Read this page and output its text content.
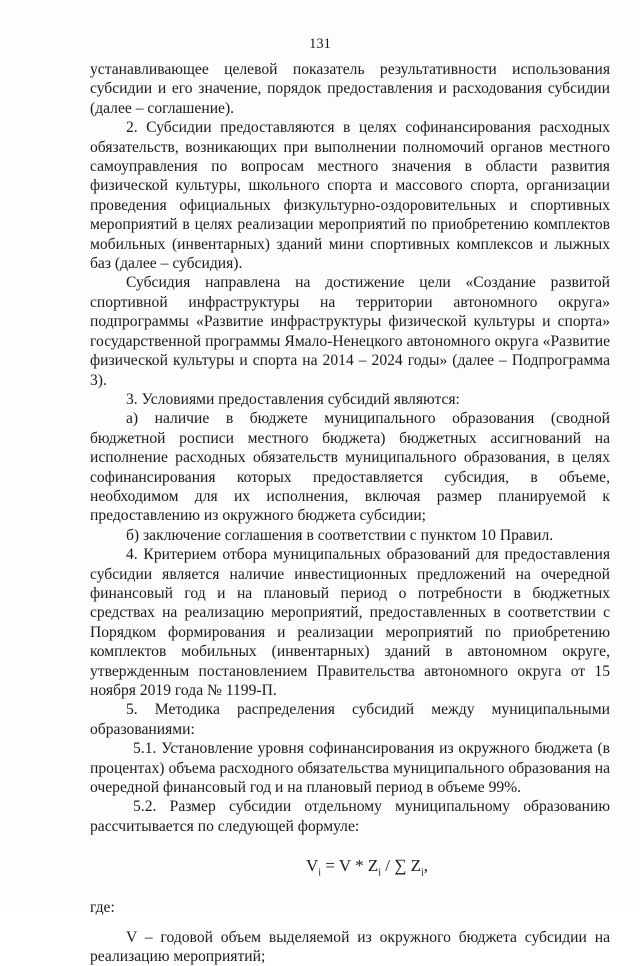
131

устанавливающее целевой показатель результативности использования субсидии и его значение, порядок предоставления и расходования субсидии (далее – соглашение).

2. Субсидии предоставляются в целях софинансирования расходных обязательств, возникающих при выполнении полномочий органов местного самоуправления по вопросам местного значения в области развития физической культуры, школьного спорта и массового спорта, организации проведения официальных физкультурно-оздоровительных и спортивных мероприятий в целях реализации мероприятий по приобретению комплектов мобильных (инвентарных) зданий мини спортивных комплексов и лыжных баз (далее – субсидия).

Субсидия направлена на достижение цели «Создание развитой спортивной инфраструктуры на территории автономного округа» подпрограммы «Развитие инфраструктуры физической культуры и спорта» государственной программы Ямало-Ненецкого автономного округа «Развитие физической культуры и спорта на 2014 – 2024 годы» (далее – Подпрограмма 3).

3. Условиями предоставления субсидий являются:

а) наличие в бюджете муниципального образования (сводной бюджетной росписи местного бюджета) бюджетных ассигнований на исполнение расходных обязательств муниципального образования, в целях софинансирования которых предоставляется субсидия, в объеме, необходимом для их исполнения, включая размер планируемой к предоставлению из окружного бюджета субсидии;

б) заключение соглашения в соответствии с пунктом 10 Правил.

4. Критерием отбора муниципальных образований для предоставления субсидии является наличие инвестиционных предложений на очередной финансовый год и на плановый период о потребности в бюджетных средствах на реализацию мероприятий, предоставленных в соответствии с Порядком формирования и реализации мероприятий по приобретению комплектов мобильных (инвентарных) зданий в автономном округе, утвержденным постановлением Правительства автономного округа от 15 ноября 2019 года № 1199-П.

5. Методика распределения субсидий между муниципальными образованиями:

5.1. Установление уровня софинансирования из окружного бюджета (в процентах) объема расходного обязательства муниципального образования на очередной финансовый год и на плановый период в объеме 99%.

5.2. Размер субсидии отдельному муниципальному образованию рассчитывается по следующей формуле:

$V_i = V * Z_i$ / ∑ $Z_i$,

где:

V – годовой объем выделяемой из окружного бюджета субсидии на реализацию мероприятий;
